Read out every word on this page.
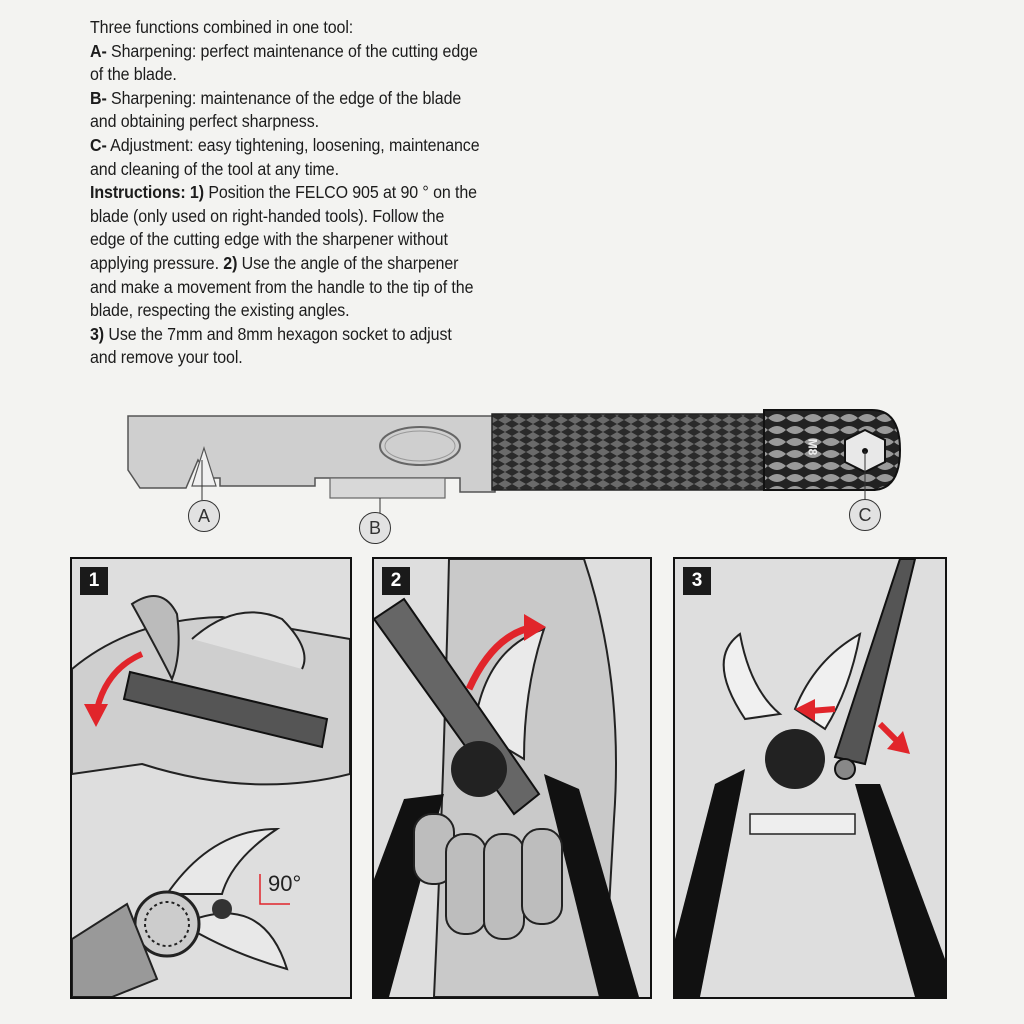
Three functions combined in one tool:

A- Sharpening: perfect maintenance of the cutting edge of the blade.

B- Sharpening: maintenance of the edge of the blade and obtaining perfect sharpness.

C- Adjustment: easy tightening, loosening, maintenance and cleaning of the tool at any time.

Instructions: 1) Position the FELCO 905 at 90 ° on the blade (only used on right-handed tools). Follow the edge of the cutting edge with the sharpener without applying pressure. 2) Use the angle of the sharpener and make a movement from the handle to the tip of the blade, respecting the existing angles.

3) Use the 7mm and 8mm hexagon socket to adjust and remove your tool.

M8
A
B
C
1
90°
2	3
